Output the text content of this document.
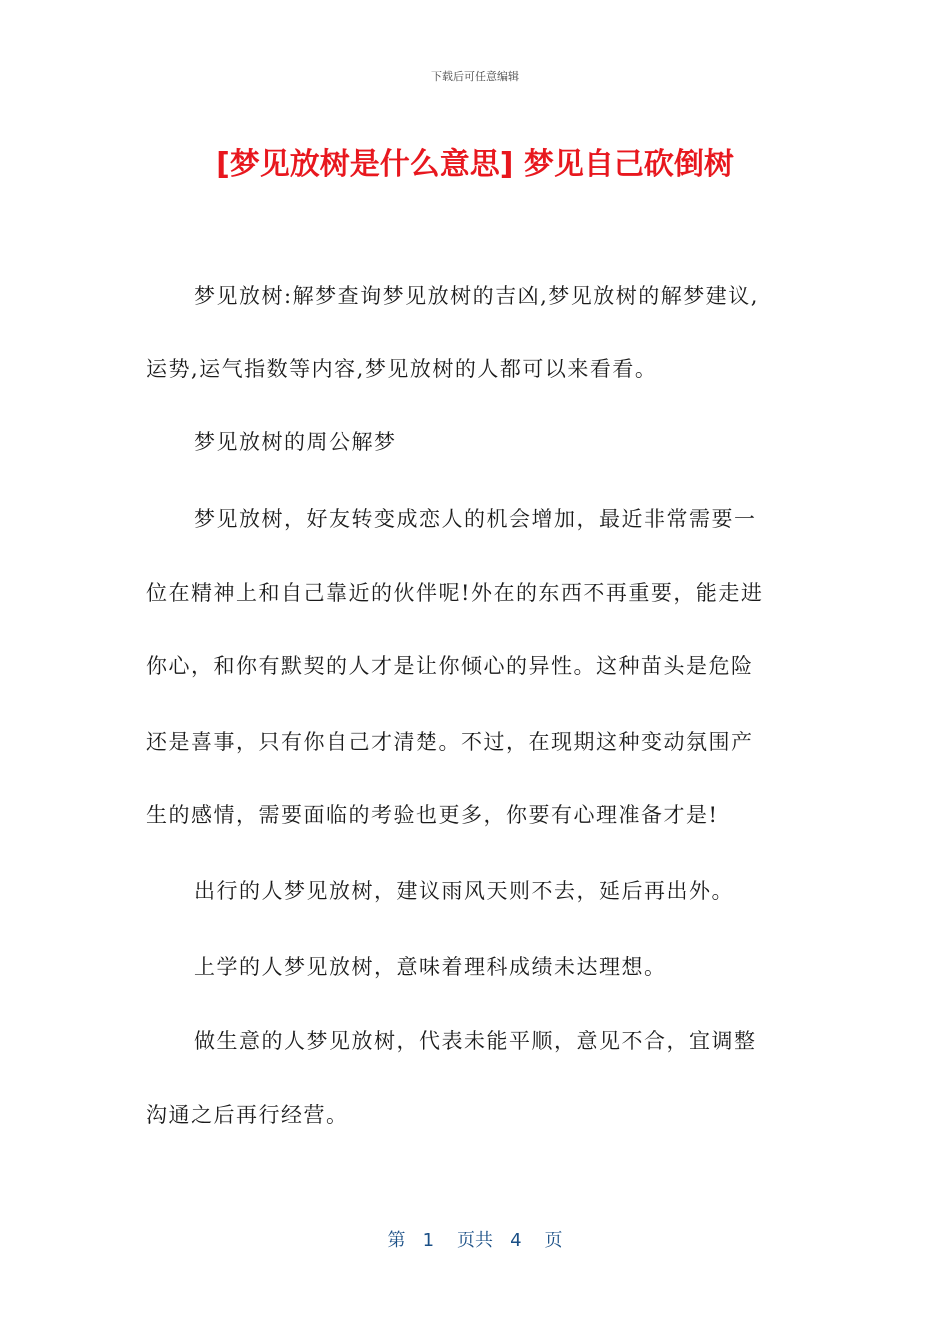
下载后可任意编辑
[梦见放树是什么意思] 梦见自己砍倒树

梦见放树:解梦查询梦见放树的吉凶,梦见放树的解梦建议,

运势,运气指数等内容,梦见放树的人都可以来看看。

梦见放树的周公解梦

梦见放树，好友转变成恋人的机会增加，最近非常需要一

位在精神上和自己靠近的伙伴呢!外在的东西不再重要，能走进

你心，和你有默契的人才是让你倾心的异性。这种苗头是危险

还是喜事，只有你自己才清楚。不过，在现期这种变动氛围产

生的感情，需要面临的考验也更多，你要有心理准备才是!

出行的人梦见放树，建议雨风天则不去，延后再出外。

上学的人梦见放树，意味着理科成绩未达理想。

做生意的人梦见放树，代表未能平顺，意见不合，宜调整

沟通之后再行经营。

第 1 页共 4 页
